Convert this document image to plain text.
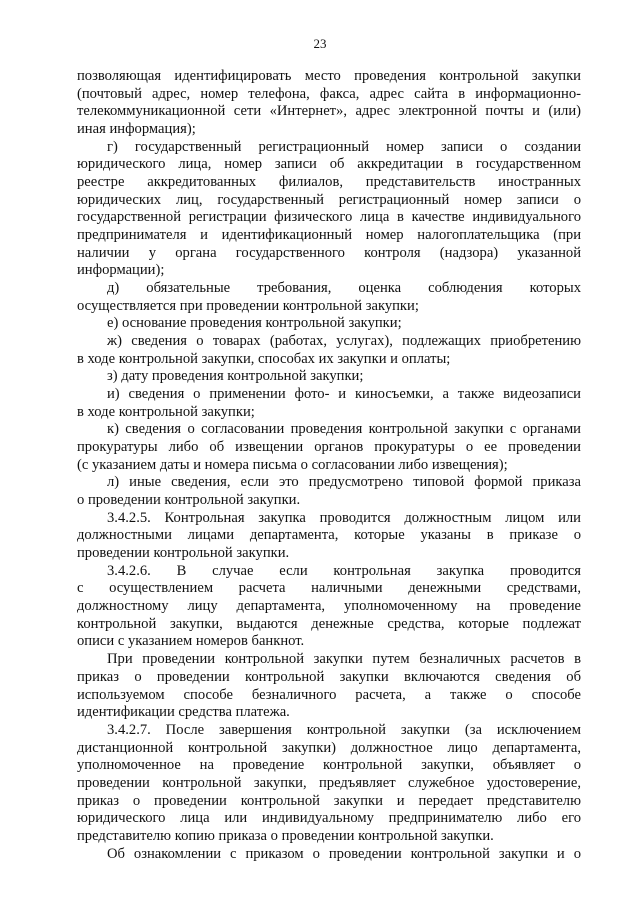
23
позволяющая идентифицировать место проведения контрольной закупки
(почтовый адрес, номер телефона, факса, адрес сайта в информационно-
телекоммуникационной сети «Интернет», адрес электронной почты и (или)
иная информация);
г) государственный регистрационный номер записи о создании
юридического лица, номер записи об аккредитации в государственном
реестре аккредитованных филиалов, представительств иностранных
юридических лиц, государственный регистрационный номер записи о
государственной регистрации физического лица в качестве индивидуального
предпринимателя и идентификационный номер налогоплательщика (при
наличии у органа государственного контроля (надзора) указанной
информации);
д) обязательные требования, оценка соблюдения которых
осуществляется при проведении контрольной закупки;
е) основание проведения контрольной закупки;
ж) сведения о товарах (работах, услугах), подлежащих приобретению
в ходе контрольной закупки, способах их закупки и оплаты;
з) дату проведения контрольной закупки;
и) сведения о применении фото- и киносъемки, а также видеозаписи
в ходе контрольной закупки;
к) сведения о согласовании проведения контрольной закупки с органами
прокуратуры либо об извещении органов прокуратуры о ее проведении
(с указанием даты и номера письма о согласовании либо извещения);
л) иные сведения, если это предусмотрено типовой формой приказа
о проведении контрольной закупки.
3.4.2.5. Контрольная закупка проводится должностным лицом или
должностными лицами департамента, которые указаны в приказе о
проведении контрольной закупки.
3.4.2.6. В случае если контрольная закупка проводится
с осуществлением расчета наличными денежными средствами,
должностному лицу департамента, уполномоченному на проведение
контрольной закупки, выдаются денежные средства, которые подлежат
описи с указанием номеров банкнот.
При проведении контрольной закупки путем безналичных расчетов в
приказ о проведении контрольной закупки включаются сведения об
используемом способе безналичного расчета, а также о способе
идентификации средства платежа.
3.4.2.7. После завершения контрольной закупки (за исключением
дистанционной контрольной закупки) должностное лицо департамента,
уполномоченное на проведение контрольной закупки, объявляет о
проведении контрольной закупки, предъявляет служебное удостоверение,
приказ о проведении контрольной закупки и передает представителю
юридического лица или индивидуальному предпринимателю либо его
представителю копию приказа о проведении контрольной закупки.
Об ознакомлении с приказом о проведении контрольной закупки и о
